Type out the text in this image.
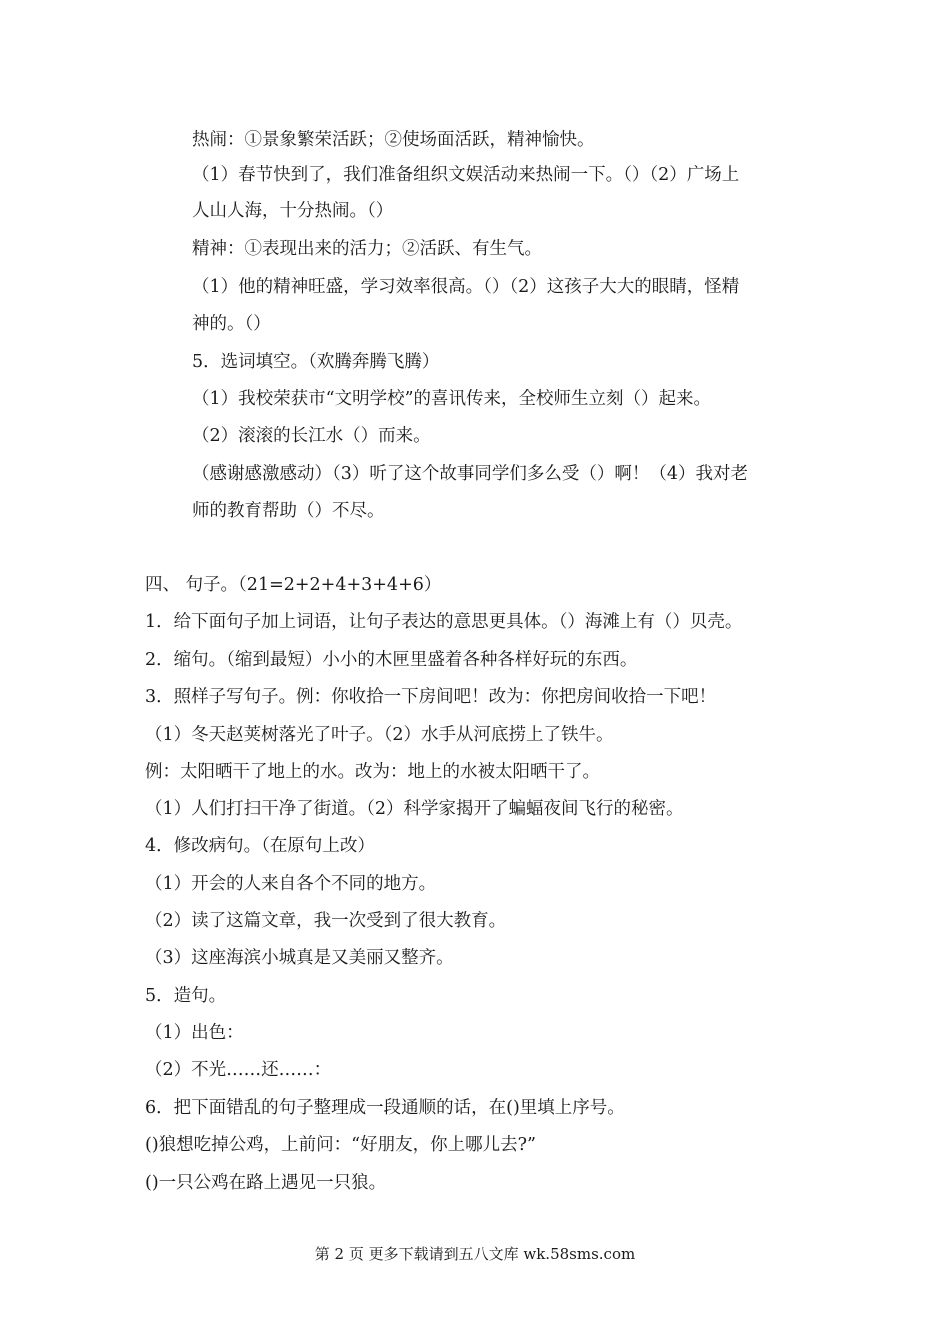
热闹：①景象繁荣活跃；②使场面活跃，精神愉快。
（1）春节快到了，我们准备组织文娱活动来热闹一下。（）（2）广场上
人山人海，十分热闹。（）
精神：①表现出来的活力；②活跃、有生气。
（1）他的精神旺盛，学习效率很高。（）（2）这孩子大大的眼睛，怪精
神的。（）
5．选词填空。（欢腾奔腾飞腾）
（1）我校荣获市“文明学校”的喜讯传来，全校师生立刻（）起来。
（2）滚滚的长江水（）而来。
（感谢感激感动）（3）听了这个故事同学们多么受（）啊！（4）我对老
师的教育帮助（）不尽。
四、 句子。（21=2+2+4+3+4+6）
1．给下面句子加上词语，让句子表达的意思更具体。（）海滩上有（）贝壳。
2．缩句。（缩到最短）小小的木匣里盛着各种各样好玩的东西。
3．照样子写句子。例：你收拾一下房间吧！改为：你把房间收拾一下吧！
（1）冬天赵荚树落光了叶子。（2）水手从河底捞上了铁牛。
例：太阳晒干了地上的水。改为：地上的水被太阳晒干了。
（1）人们打扫干净了街道。（2）科学家揭开了蝙蝠夜间飞行的秘密。
4．修改病句。（在原句上改）
（1）开会的人来自各个不同的地方。
（2）读了这篇文章，我一次受到了很大教育。
（3）这座海滨小城真是又美丽又整齐。
5．造句。
（1）出色：
（2）不光……还……：
6．把下面错乱的句子整理成一段通顺的话，在()里填上序号。
()狼想吃掉公鸡，上前问：“好朋友，你上哪儿去?”
()一只公鸡在路上遇见一只狼。
第 2 页 更多下载请到五八文库 wk.58sms.com
